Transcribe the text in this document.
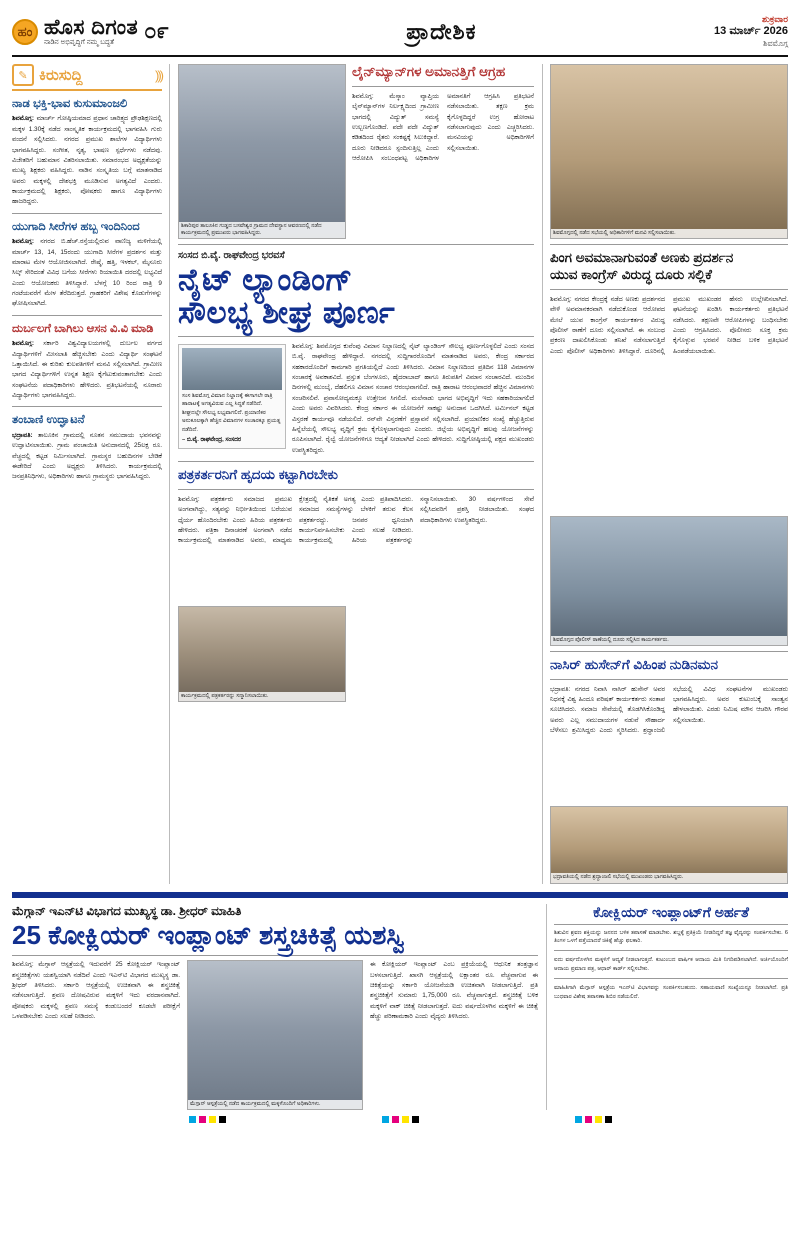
ಹಂ ಹೊಸ ದಿಗಂತ
ನಾಡಿನ ಅಭಿವೃದ್ಧಿಗೆ ನಮ್ಮ ಬದ್ಧತೆ	೦೯	ಪ್ರಾದೇಶಿಕ	ಶುಕ್ರವಾರ
13 ಮಾರ್ಚ್ 2026
ಶಿವಮೊಗ್ಗ
✎ ಕಿರುಸುದ್ದಿ	)))
ನಾಡ ಭಕ್ತಿ-ಭಾವ ಕುಸುಮಾಂಜಲಿ
ಶಿವಮೊಗ್ಗ: ಮಾರ್ಚ್ ಗೋಷ್ಠಿಯಮಾದ ಪ್ರಧಾನ ಚಾರಿತ್ರ್ಯದ ಪ್ರೌಢಶಿಕ್ಷಣದಲ್ಲಿ ಮಕ್ಕಳ 1.30ಕ್ಕೆ ನಡೆದ ಸಾಂಸ್ಕೃತಿಕ ಕಾರ್ಯಕ್ರಮದಲ್ಲಿ ಭಾಗವಹಿಸಿ ಗುರು ವಂದನೆ ಸಲ್ಲಿಸಿದರು. ನಗರದ ಪ್ರಮುಖ ಶಾಲೆಗಳ ವಿದ್ಯಾರ್ಥಿಗಳು ಭಾಗವಹಿಸಿದ್ದರು. ಸಂಗೀತ, ನೃತ್ಯ, ಭಾಷಣ ಸ್ಪರ್ಧೆಗಳು ನಡೆದವು. ವಿಜೇತರಿಗೆ ಬಹುಮಾನ ವಿತರಿಸಲಾಯಿತು. ಸಮಾರಂಭದ ಅಧ್ಯಕ್ಷತೆಯನ್ನು ಮುಖ್ಯ ಶಿಕ್ಷಕರು ವಹಿಸಿದ್ದರು. ನಾಡಿನ ಸಂಸ್ಕೃತಿಯ ಬಗ್ಗೆ ಮಾತನಾಡಿದ ಅವರು ಮಕ್ಕಳಲ್ಲಿ ದೇಶಭಕ್ತಿ ಮೂಡಿಸುವ ಅಗತ್ಯವಿದೆ ಎಂದರು. ಕಾರ್ಯಕ್ರಮದಲ್ಲಿ ಶಿಕ್ಷಕರು, ಪೋಷಕರು ಹಾಗೂ ವಿದ್ಯಾರ್ಥಿಗಳು ಹಾಜರಿದ್ದರು.
ಯುಗಾದಿ ಸೀರೆಗಳ ಹಬ್ಬ ಇಂದಿನಿಂದ
ಶಿವಮೊಗ್ಗ: ನಗರದ ಬಿ.ಹೆಚ್.ರಸ್ತೆಯಲ್ಲಿರುವ ವಾಣಿಜ್ಯ ಮಳಿಗೆಯಲ್ಲಿ ಮಾರ್ಚ್ 13, 14, 15ರಂದು ಯುಗಾದಿ ಸೀರೆಗಳ ಪ್ರದರ್ಶನ ಮತ್ತು ಮಾರಾಟ ಮೇಳ ಆಯೋಜಿಸಲಾಗಿದೆ. ರೇಷ್ಮೆ, ಹತ್ತಿ, ಇಳಕಲ್, ಮೈಸೂರು ಸಿಲ್ಕ್ ಸೇರಿದಂತೆ ವಿವಿಧ ಬಗೆಯ ಸೀರೆಗಳು ರಿಯಾಯಿತಿ ದರದಲ್ಲಿ ಲಭ್ಯವಿದೆ ಎಂದು ಆಯೋಜಕರು ತಿಳಿಸಿದ್ದಾರೆ. ಬೆಳಗ್ಗೆ 10 ರಿಂದ ರಾತ್ರಿ 9 ಗಂಟೆಯವರೆಗೆ ಮೇಳ ತೆರೆದಿರುತ್ತದೆ. ಗ್ರಾಹಕರಿಗೆ ವಿಶೇಷ ಕೊಡುಗೆಗಳನ್ನು ಘೋಷಿಸಲಾಗಿದೆ.
ದುರ್ಬಲಗೆ ಬಾಗಿಲು ಆಸನ ವಿ.ವಿ ಮಾಡಿ
ಶಿವಮೊಗ್ಗ: ಸರ್ಕಾರಿ ವಿಶ್ವವಿದ್ಯಾಲಯಗಳಲ್ಲಿ ದುರ್ಬಲ ವರ್ಗದ ವಿದ್ಯಾರ್ಥಿಗಳಿಗೆ ಮೀಸಲಾತಿ ಹೆಚ್ಚಿಸಬೇಕು ಎಂದು ವಿದ್ಯಾರ್ಥಿ ಸಂಘಟನೆ ಒತ್ತಾಯಿಸಿದೆ. ಈ ಕುರಿತು ಕುಲಪತಿಗಳಿಗೆ ಮನವಿ ಸಲ್ಲಿಸಲಾಗಿದೆ. ಗ್ರಾಮೀಣ ಭಾಗದ ವಿದ್ಯಾರ್ಥಿಗಳಿಗೆ ಉನ್ನತ ಶಿಕ್ಷಣ ಕೈಗೆಟುಕುವಂತಾಗಬೇಕು ಎಂದು ಸಂಘಟನೆಯ ಪದಾಧಿಕಾರಿಗಳು ಹೇಳಿದರು. ಪ್ರತಿಭಟನೆಯಲ್ಲಿ ನೂರಾರು ವಿದ್ಯಾರ್ಥಿಗಳು ಭಾಗವಹಿಸಿದ್ದರು.
ತಂಬಾಣಿ ಉದ್ಘಾಟನೆ
ಭದ್ರಾವತಿ: ತಾಲೂಕಿನ ಗ್ರಾಮದಲ್ಲಿ ನೂತನ ಸಮುದಾಯ ಭವನವನ್ನು ಉದ್ಘಾಟಿಸಲಾಯಿತು. ಗ್ರಾಮ ಪಂಚಾಯಿತಿ ಅನುದಾನದಲ್ಲಿ 25ಲಕ್ಷ ರೂ. ವೆಚ್ಚದಲ್ಲಿ ಕಟ್ಟಡ ನಿರ್ಮಿಸಲಾಗಿದೆ. ಗ್ರಾಮಸ್ಥರ ಬಹುದಿನಗಳ ಬೇಡಿಕೆ ಈಡೇರಿದೆ ಎಂದು ಅಧ್ಯಕ್ಷರು ತಿಳಿಸಿದರು. ಕಾರ್ಯಕ್ರಮದಲ್ಲಿ ಜನಪ್ರತಿನಿಧಿಗಳು, ಅಧಿಕಾರಿಗಳು ಹಾಗೂ ಗ್ರಾಮಸ್ಥರು ಭಾಗವಹಿಸಿದ್ದರು.
ಶಿಕಾರಿಪುರ ತಾಲೂಕಿನ ಗುಡ್ಡದ ಬಸವೇಶ್ವರ ಗ್ರಾಮದ ದೇವಸ್ಥಾನ ಆವರಣದಲ್ಲಿ ನಡೆದ ಕಾರ್ಯಕ್ರಮದಲ್ಲಿ ಪ್ರಮುಖರು ಭಾಗವಹಿಸಿದ್ದರು.
ಲೈನ್‌ಮ್ಯಾನ್‌ಗಳ ಅಮಾನತ್ತಿಗೆ ಆಗ್ರಹ
ಶಿವಮೊಗ್ಗ: ಮೆಸ್ಕಾಂ ವ್ಯಾಪ್ತಿಯ ಲೈನ್‌ಮ್ಯಾನ್‌ಗಳ ನಿರ್ಲಕ್ಷ್ಯದಿಂದ ಗ್ರಾಮೀಣ ಭಾಗದಲ್ಲಿ ವಿದ್ಯುತ್ ಸಮಸ್ಯೆ ಉಲ್ಬಣಗೊಂಡಿದೆ. ಪದೇ ಪದೇ ವಿದ್ಯುತ್ ಕಡಿತದಿಂದ ರೈತರು ಸಂಕಷ್ಟಕ್ಕೆ ಸಿಲುಕಿದ್ದಾರೆ. ದೂರು ನೀಡಿದರೂ ಸ್ಪಂದಿಸುತ್ತಿಲ್ಲ ಎಂದು ಆರೋಪಿಸಿ ಸಂಬಂಧಪಟ್ಟ ಅಧಿಕಾರಿಗಳ ಅಮಾನತಿಗೆ ಆಗ್ರಹಿಸಿ ಪ್ರತಿಭಟನೆ ನಡೆಸಲಾಯಿತು. ತಕ್ಷಣ ಕ್ರಮ ಕೈಗೊಳ್ಳದಿದ್ದರೆ ಉಗ್ರ ಹೋರಾಟ ನಡೆಸಲಾಗುವುದು ಎಂದು ಎಚ್ಚರಿಸಿದರು. ಮನವಿಯನ್ನು ಅಧಿಕಾರಿಗಳಿಗೆ ಸಲ್ಲಿಸಲಾಯಿತು.
ಸಂಸದ ಬಿ.ವೈ. ರಾಘವೇಂದ್ರ ಭರವಸೆ
ನೈಟ್ ಲ್ಯಾಂಡಿಂಗ್
ಸೌಲಭ್ಯ ಶೀಘ್ರ ಪೂರ್ಣ
ಸಂಸ ಶಿವಮೊಗ್ಗ ವಿಮಾನ ನಿಲ್ದಾಣಕ್ಕೆ ಈಗಾಗಲೇ ರಾತ್ರಿ ಹಾರಾಟಕ್ಕೆ ಅಗತ್ಯವಿರುವ ಎಲ್ಲ ಸಿದ್ಧತೆ ನಡೆದಿದೆ. ಶೀಘ್ರದಲ್ಲೇ ಸೌಲಭ್ಯ ಲಭ್ಯವಾಗಲಿದೆ. ಪ್ರಯಾಣಿಕರ ಅನುಕೂಲಕ್ಕಾಗಿ ಹೆಚ್ಚಿನ ವಿಮಾನಗಳ ಸಂಚಾರಕ್ಕೂ ಪ್ರಯತ್ನ ನಡೆದಿದೆ.
– ಬಿ.ವೈ. ರಾಘವೇಂದ್ರ, ಸಂಸದರ
ಶಿವಮೊಗ್ಗ: ಶಿವಮೊಗ್ಗದ ಕುವೆಂಪು ವಿಮಾನ ನಿಲ್ದಾಣದಲ್ಲಿ ನೈಟ್ ಲ್ಯಾಂಡಿಂಗ್ ಸೌಲಭ್ಯ ಪೂರ್ಣಗೊಳ್ಳಲಿದೆ ಎಂದು ಸಂಸದ ಬಿ.ವೈ. ರಾಘವೇಂದ್ರ ಹೇಳಿದ್ದಾರೆ. ನಗರದಲ್ಲಿ ಸುದ್ದಿಗಾರರೊಂದಿಗೆ ಮಾತನಾಡಿದ ಅವರು, ಕೇಂದ್ರ ಸರ್ಕಾರದ ಸಹಕಾರದೊಂದಿಗೆ ಕಾಮಗಾರಿ ಪ್ರಗತಿಯಲ್ಲಿದೆ ಎಂದು ತಿಳಿಸಿದರು. ವಿಮಾನ ನಿಲ್ದಾಣದಿಂದ ಪ್ರತಿದಿನ 118 ವಿಮಾನಗಳ ಸಂಚಾರಕ್ಕೆ ಅವಕಾಶವಿದೆ. ಪ್ರಸ್ತುತ ಬೆಂಗಳೂರು, ಹೈದರಾಬಾದ್ ಹಾಗೂ ತಿರುಪತಿಗೆ ವಿಮಾನ ಸಂಚಾರವಿದೆ. ಮುಂದಿನ ದಿನಗಳಲ್ಲಿ ಮುಂಬೈ, ದೆಹಲಿಗೂ ವಿಮಾನ ಸಂಚಾರ ಆರಂಭವಾಗಲಿದೆ. ರಾತ್ರಿ ಹಾರಾಟ ಆರಂಭವಾದರೆ ಹೆಚ್ಚಿನ ವಿಮಾನಗಳು ಸಂಚರಿಸಲಿವೆ. ಪ್ರವಾಸೋದ್ಯಮಕ್ಕೂ ಉತ್ತೇಜನ ಸಿಗಲಿದೆ. ಮಲೆನಾಡು ಭಾಗದ ಅಭಿವೃದ್ಧಿಗೆ ಇದು ಸಹಕಾರಿಯಾಗಲಿದೆ ಎಂದು ಅವರು ವಿವರಿಸಿದರು. ಕೇಂದ್ರ ಸರ್ಕಾರ ಈ ಯೋಜನೆಗೆ ಸಾಕಷ್ಟು ಅನುದಾನ ಒದಗಿಸಿದೆ. ಟರ್ಮಿನಲ್ ಕಟ್ಟಡ ವಿಸ್ತರಣೆ ಕಾರ್ಯವೂ ನಡೆಯಲಿದೆ. ರನ್‌ವೇ ವಿಸ್ತರಣೆಗೆ ಪ್ರಸ್ತಾವನೆ ಸಲ್ಲಿಸಲಾಗಿದೆ. ಪ್ರಯಾಣಿಕರ ಸಂಖ್ಯೆ ಹೆಚ್ಚುತ್ತಿರುವ ಹಿನ್ನೆಲೆಯಲ್ಲಿ ಸೌಲಭ್ಯ ವೃದ್ಧಿಗೆ ಕ್ರಮ ಕೈಗೊಳ್ಳಲಾಗುವುದು ಎಂದರು. ಜಿಲ್ಲೆಯ ಅಭಿವೃದ್ಧಿಗೆ ಹಲವು ಯೋಜನೆಗಳನ್ನು ರೂಪಿಸಲಾಗಿದೆ. ರೈಲ್ವೆ ಯೋಜನೆಗಳಿಗೂ ಆದ್ಯತೆ ನೀಡಲಾಗಿದೆ ಎಂದು ಹೇಳಿದರು. ಸುದ್ದಿಗೋಷ್ಠಿಯಲ್ಲಿ ಪಕ್ಷದ ಮುಖಂಡರು ಉಪಸ್ಥಿತರಿದ್ದರು.
ಪತ್ರಕರ್ತರನಿಗೆ ಹೃದಯ ಕಟ್ಟಾಗಿರಬೇಕು
ಶಿವಮೊಗ್ಗ: ಪತ್ರಕರ್ತರು ಸಮಾಜದ ಪ್ರಮುಖ ಅಂಗವಾಗಿದ್ದು, ಸತ್ಯವನ್ನು ನಿರ್ಭೀತಿಯಿಂದ ಬರೆಯುವ ಧೈರ್ಯ ಹೊಂದಿರಬೇಕು ಎಂದು ಹಿರಿಯ ಪತ್ರಕರ್ತರು ಹೇಳಿದರು. ಪತ್ರಿಕಾ ದಿನಾಚರಣೆ ಅಂಗವಾಗಿ ನಡೆದ ಕಾರ್ಯಕ್ರಮದಲ್ಲಿ ಮಾತನಾಡಿದ ಅವರು, ಮಾಧ್ಯಮ ಕ್ಷೇತ್ರದಲ್ಲಿ ನೈತಿಕತೆ ಅಗತ್ಯ ಎಂದು ಪ್ರತಿಪಾದಿಸಿದರು. ಸಮಾಜದ ಸಮಸ್ಯೆಗಳನ್ನು ಬೆಳಕಿಗೆ ತರುವ ಕೆಲಸ ಪತ್ರಕರ್ತರದ್ದು. ಜನಪರ ಧ್ವನಿಯಾಗಿ ಕಾರ್ಯನಿರ್ವಹಿಸಬೇಕು ಎಂದು ಸಲಹೆ ನೀಡಿದರು. ಕಾರ್ಯಕ್ರಮದಲ್ಲಿ ಹಿರಿಯ ಪತ್ರಕರ್ತರನ್ನು ಸನ್ಮಾನಿಸಲಾಯಿತು. 30 ವರ್ಷಗಳಿಂದ ಸೇವೆ ಸಲ್ಲಿಸಿದವರಿಗೆ ಪ್ರಶಸ್ತಿ ನೀಡಲಾಯಿತು. ಸಂಘದ ಪದಾಧಿಕಾರಿಗಳು ಉಪಸ್ಥಿತರಿದ್ದರು.
ಕಾರ್ಯಕ್ರಮದಲ್ಲಿ ಪತ್ರಕರ್ತರನ್ನು ಸನ್ಮಾನಿಸಲಾಯಿತು.
ಶಿವಮೊಗ್ಗದಲ್ಲಿ ನಡೆದ ಸಭೆಯಲ್ಲಿ ಅಧಿಕಾರಿಗಳಿಗೆ ಮನವಿ ಸಲ್ಲಿಸಲಾಯಿತು.
ಪಿಂಗ ಅವಮಾನಾಗುವಂತೆ ಅಣಕು ಪ್ರದರ್ಶನ
ಯುವ ಕಾಂಗ್ರೆಸ್ ವಿರುದ್ಧ ದೂರು ಸಲ್ಲಿಕೆ
ಶಿವಮೊಗ್ಗ: ನಗರದ ಕೇಂದ್ರಕ್ಕೆ ನಡೆದ ಅಣಕು ಪ್ರದರ್ಶನದ ವೇಳೆ ಅವಮಾನಕರವಾಗಿ ನಡೆದುಕೊಂಡ ಆರೋಪದ ಮೇಲೆ ಯುವ ಕಾಂಗ್ರೆಸ್ ಕಾರ್ಯಕರ್ತರ ವಿರುದ್ಧ ಪೊಲೀಸ್ ಠಾಣೆಗೆ ದೂರು ಸಲ್ಲಿಸಲಾಗಿದೆ. ಈ ಸಂಬಂಧ ಪ್ರಕರಣ ದಾಖಲಿಸಿಕೊಂಡು ತನಿಖೆ ನಡೆಸಲಾಗುತ್ತಿದೆ ಎಂದು ಪೊಲೀಸ್ ಅಧಿಕಾರಿಗಳು ತಿಳಿಸಿದ್ದಾರೆ. ದೂರಿನಲ್ಲಿ ಪ್ರಮುಖ ಮುಖಂಡರ ಹೆಸರು ಉಲ್ಲೇಖಿಸಲಾಗಿದೆ. ಘಟನೆಯನ್ನು ಖಂಡಿಸಿ ಕಾರ್ಯಕರ್ತರು ಪ್ರತಿಭಟನೆ ನಡೆಸಿದರು. ತಕ್ಷಣವೇ ಆರೋಪಿಗಳನ್ನು ಬಂಧಿಸಬೇಕು ಎಂದು ಆಗ್ರಹಿಸಿದರು. ಪೊಲೀಸರು ಸೂಕ್ತ ಕ್ರಮ ಕೈಗೊಳ್ಳುವ ಭರವಸೆ ನೀಡಿದ ಬಳಿಕ ಪ್ರತಿಭಟನೆ ಹಿಂಪಡೆಯಲಾಯಿತು.
ಶಿವಮೊಗ್ಗದ ಪೊಲೀಸ್ ಠಾಣೆಯಲ್ಲಿ ದೂರು ಸಲ್ಲಿಸಿದ ಕಾರ್ಯಕರ್ತರು.
ನಾಸಿರ್ ಹುಸೇನ್‌ಗೆ ವಿಹಿಂಪ ನುಡಿನಮನ
ಭದ್ರಾವತಿ: ನಗರದ ನಿವಾಸಿ ನಾಸಿರ್ ಹುಸೇನ್ ಅವರ ನಿಧನಕ್ಕೆ ವಿಶ್ವ ಹಿಂದೂ ಪರಿಷತ್ ಕಾರ್ಯಕರ್ತರು ಸಂತಾಪ ಸೂಚಿಸಿದರು. ಸಮಾಜ ಸೇವೆಯಲ್ಲಿ ತೊಡಗಿಸಿಕೊಂಡಿದ್ದ ಅವರು ಎಲ್ಲ ಸಮುದಾಯಗಳ ನಡುವೆ ಸೌಹಾರ್ದ ಬೆಳೆಸಲು ಶ್ರಮಿಸಿದ್ದರು ಎಂದು ಸ್ಮರಿಸಿದರು. ಶ್ರದ್ಧಾಂಜಲಿ ಸಭೆಯಲ್ಲಿ ವಿವಿಧ ಸಂಘಟನೆಗಳ ಮುಖಂಡರು ಭಾಗವಹಿಸಿದ್ದರು. ಅವರ ಕುಟುಂಬಕ್ಕೆ ಸಾಂತ್ವನ ಹೇಳಲಾಯಿತು. ಎರಡು ನಿಮಿಷ ಮೌನ ಆಚರಿಸಿ ಗೌರವ ಸಲ್ಲಿಸಲಾಯಿತು.
ಭದ್ರಾವತಿಯಲ್ಲಿ ನಡೆದ ಶ್ರದ್ಧಾಂಜಲಿ ಸಭೆಯಲ್ಲಿ ಮುಖಂಡರು ಭಾಗವಹಿಸಿದ್ದರು.
ಮೆಗ್ಗಾನ್ ಇಎನ್‌ಟಿ ವಿಭಾಗದ ಮುಖ್ಯಸ್ಥ ಡಾ. ಶ್ರೀಧರ್ ಮಾಹಿತಿ
25 ಕೋಕ್ಲಿಯರ್ ಇಂಪ್ಲಾಂಟ್ ಶಸ್ತ್ರಚಿಕಿತ್ಸೆ ಯಶಸ್ವಿ
ಶಿವಮೊಗ್ಗ: ಮೆಗ್ಗಾನ್ ಆಸ್ಪತ್ರೆಯಲ್ಲಿ ಇದುವರೆಗೆ 25 ಕೋಕ್ಲಿಯರ್ ಇಂಪ್ಲಾಂಟ್ ಶಸ್ತ್ರಚಿಕಿತ್ಸೆಗಳು ಯಶಸ್ವಿಯಾಗಿ ನಡೆದಿವೆ ಎಂದು ಇಎನ್‌ಟಿ ವಿಭಾಗದ ಮುಖ್ಯಸ್ಥ ಡಾ. ಶ್ರೀಧರ್ ತಿಳಿಸಿದರು. ಸರ್ಕಾರಿ ಆಸ್ಪತ್ರೆಯಲ್ಲಿ ಉಚಿತವಾಗಿ ಈ ಶಸ್ತ್ರಚಿಕಿತ್ಸೆ ನಡೆಸಲಾಗುತ್ತಿದೆ. ಶ್ರವಣ ದೋಷವಿರುವ ಮಕ್ಕಳಿಗೆ ಇದು ವರದಾನವಾಗಿದೆ. ಪೋಷಕರು ಮಕ್ಕಳಲ್ಲಿ ಶ್ರವಣ ಸಮಸ್ಯೆ ಕಂಡುಬಂದರೆ ಕೂಡಲೇ ಪರೀಕ್ಷೆಗೆ ಒಳಪಡಿಸಬೇಕು ಎಂದು ಸಲಹೆ ನೀಡಿದರು.
ಮೆಗ್ಗಾನ್ ಆಸ್ಪತ್ರೆಯಲ್ಲಿ ನಡೆದ ಕಾರ್ಯಕ್ರಮದಲ್ಲಿ ಮಕ್ಕಳೊಂದಿಗೆ ಅಧಿಕಾರಿಗಳು.
ಈ ಕೋಕ್ಲಿಯರ್ ಇಂಪ್ಲಾಂಟ್ ಎಂಬ ಪ್ರಕ್ರಿಯೆಯಲ್ಲಿ ಆಧುನಿಕ ತಂತ್ರಜ್ಞಾನ ಬಳಸಲಾಗುತ್ತಿದೆ. ಖಾಸಗಿ ಆಸ್ಪತ್ರೆಯಲ್ಲಿ ಲಕ್ಷಾಂತರ ರೂ. ವೆಚ್ಚವಾಗುವ ಈ ಚಿಕಿತ್ಸೆಯನ್ನು ಸರ್ಕಾರಿ ಯೋಜನೆಯಡಿ ಉಚಿತವಾಗಿ ನೀಡಲಾಗುತ್ತಿದೆ. ಪ್ರತಿ ಶಸ್ತ್ರಚಿಕಿತ್ಸೆಗೆ ಸುಮಾರು 1,75,000 ರೂ. ವೆಚ್ಚವಾಗುತ್ತದೆ. ಶಸ್ತ್ರಚಿಕಿತ್ಸೆ ಬಳಿಕ ಮಕ್ಕಳಿಗೆ ವಾಕ್ ಚಿಕಿತ್ಸೆ ನೀಡಲಾಗುತ್ತದೆ. ಐದು ವರ್ಷದೊಳಗಿನ ಮಕ್ಕಳಿಗೆ ಈ ಚಿಕಿತ್ಸೆ ಹೆಚ್ಚು ಪರಿಣಾಮಕಾರಿ ಎಂದು ವೈದ್ಯರು ತಿಳಿಸಿದರು.
ಕೋಕ್ಲಿಯರ್ ಇಂಪ್ಲಾಂಟ್‌ಗೆ ಅರ್ಹತೆ
ಶಿಶುವಿನ ಶ್ರವಣ ಶಕ್ತಿಯನ್ನು ಜನನದ ಬಳಿಕ ತಪಾಸಣೆ ಮಾಡಬೇಕು. ಶಬ್ದಕ್ಕೆ ಪ್ರತಿಕ್ರಿಯೆ ನೀಡದಿದ್ದರೆ ತಜ್ಞ ವೈದ್ಯರನ್ನು ಸಂಪರ್ಕಿಸಬೇಕು. 6 ತಿಂಗಳ ಒಳಗೆ ಪತ್ತೆಯಾದರೆ ಚಿಕಿತ್ಸೆ ಹೆಚ್ಚು ಫಲಕಾರಿ.
ಐದು ವರ್ಷದೊಳಗಿನ ಮಕ್ಕಳಿಗೆ ಆದ್ಯತೆ ನೀಡಲಾಗುತ್ತದೆ. ಕುಟುಂಬದ ವಾರ್ಷಿಕ ಆದಾಯ ಮಿತಿ ನಿಗದಿಪಡಿಸಲಾಗಿದೆ. ಅರ್ಜಿಯೊಂದಿಗೆ ಆದಾಯ ಪ್ರಮಾಣ ಪತ್ರ, ಆಧಾರ್ ಕಾರ್ಡ್ ಸಲ್ಲಿಸಬೇಕು.
ಮಾಹಿತಿಗಾಗಿ ಮೆಗ್ಗಾನ್ ಆಸ್ಪತ್ರೆಯ ಇಎನ್‌ಟಿ ವಿಭಾಗವನ್ನು ಸಂಪರ್ಕಿಸಬಹುದು. ಸಹಾಯವಾಣಿ ಸಂಖ್ಯೆಯನ್ನೂ ನೀಡಲಾಗಿದೆ. ಪ್ರತಿ ಬುಧವಾರ ವಿಶೇಷ ತಪಾಸಣಾ ಶಿಬಿರ ನಡೆಯಲಿದೆ.
